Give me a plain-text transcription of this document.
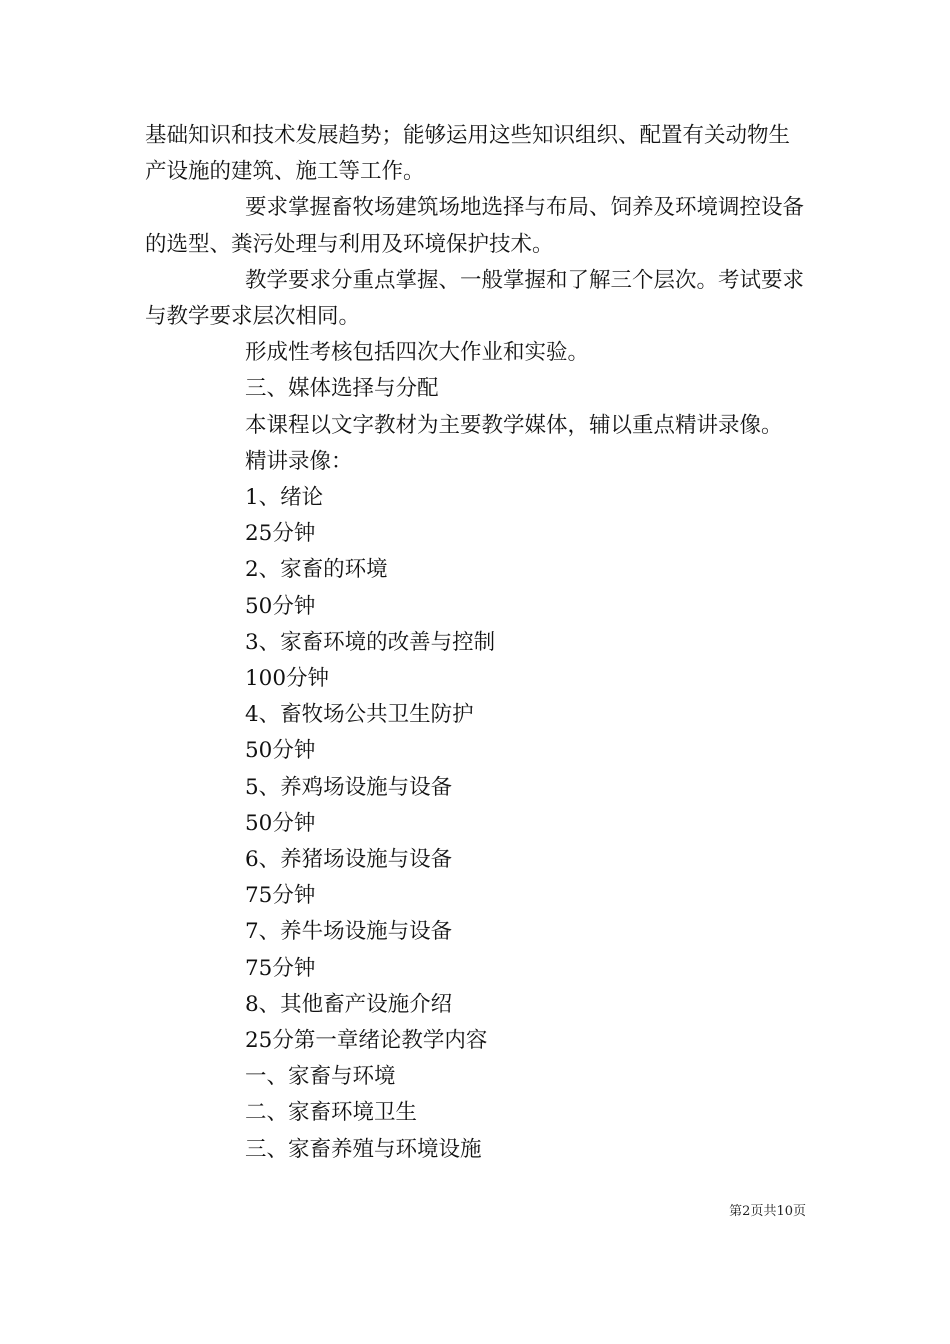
基础知识和技术发展趋势；能够运用这些知识组织、配置有关动物生产设施的建筑、施工等工作。

要求掌握畜牧场建筑场地选择与布局、饲养及环境调控设备的选型、粪污处理与利用及环境保护技术。

教学要求分重点掌握、一般掌握和了解三个层次。考试要求与教学要求层次相同。

形成性考核包括四次大作业和实验。

三、媒体选择与分配

本课程以文字教材为主要教学媒体，辅以重点精讲录像。

精讲录像：

1、绪论

25分钟

2、家畜的环境

50分钟

3、家畜环境的改善与控制

100分钟

4、畜牧场公共卫生防护

50分钟

5、养鸡场设施与设备

50分钟

6、养猪场设施与设备

75分钟

7、养牛场设施与设备

75分钟

8、其他畜产设施介绍

25分第一章绪论教学内容

一、家畜与环境

二、家畜环境卫生

三、家畜养殖与环境设施

第2页共10页
